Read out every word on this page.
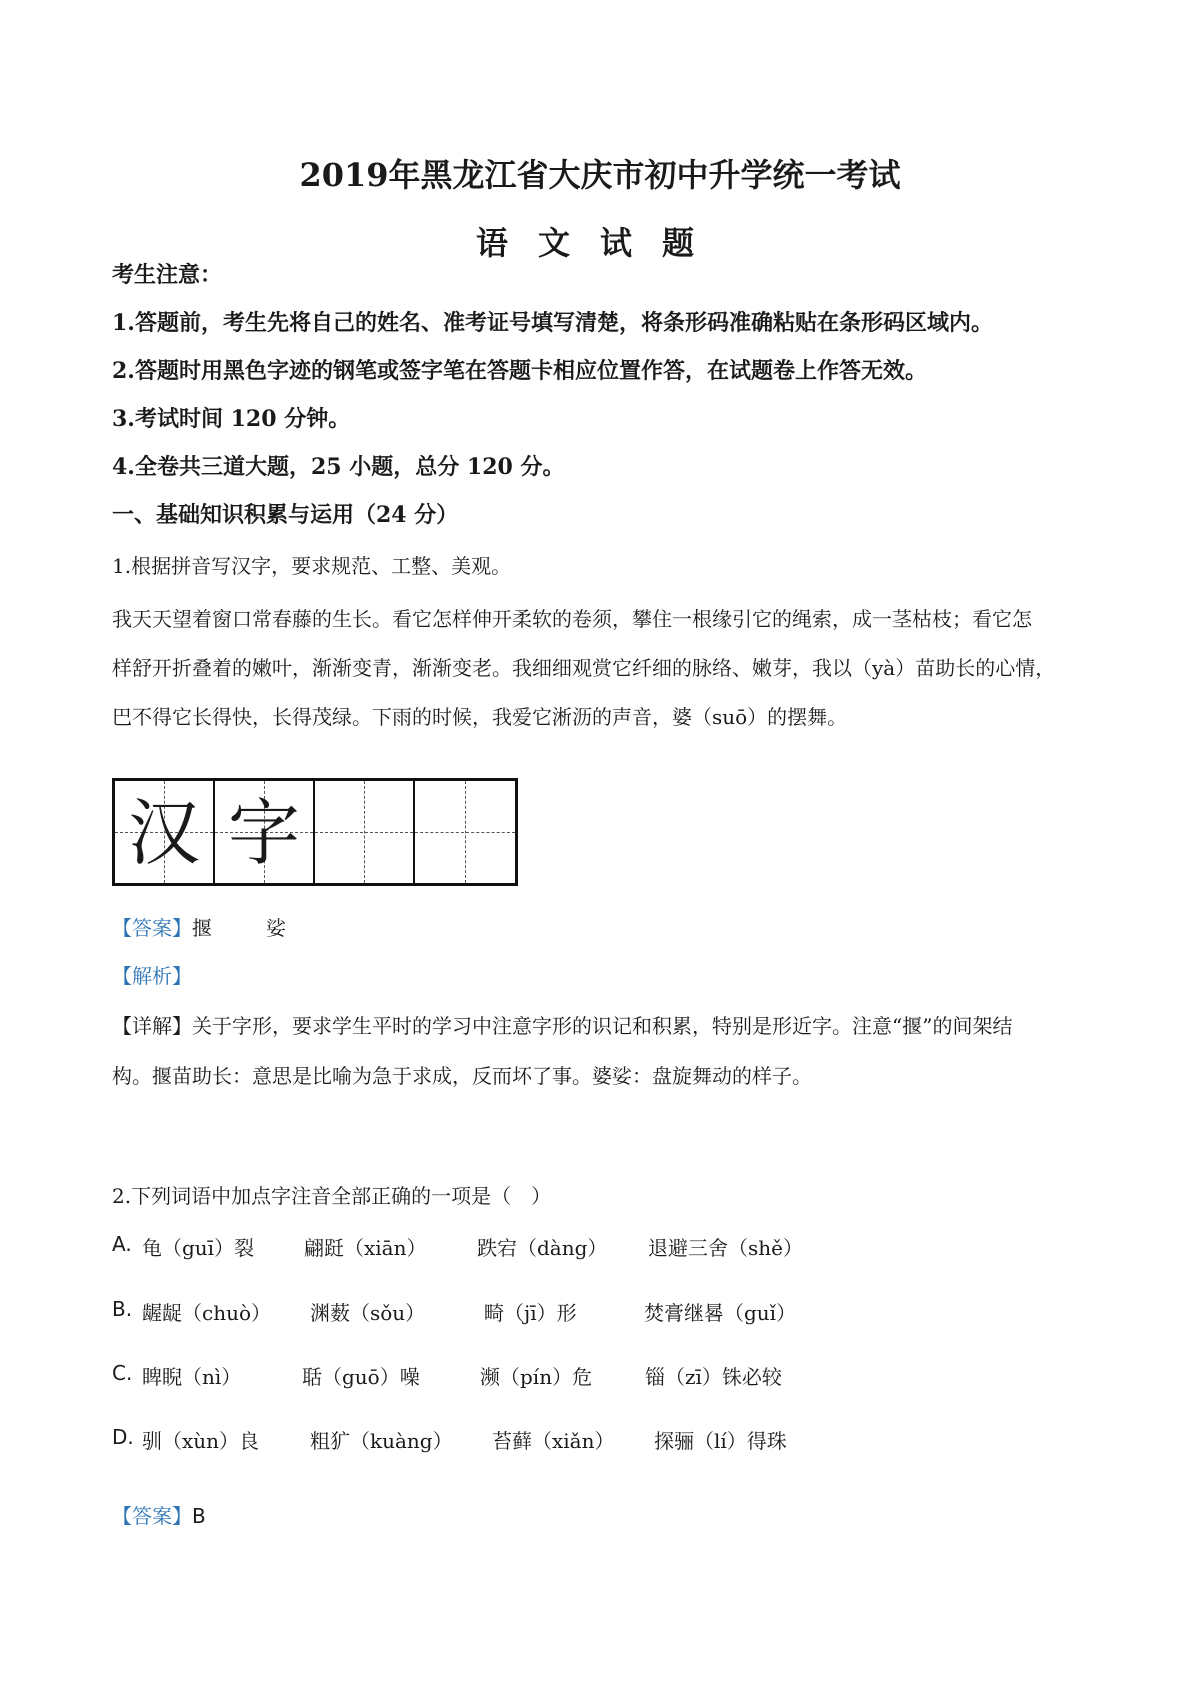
2019年黑龙江省大庆市初中升学统一考试
语文试题
考生注意：
1.答题前，考生先将自己的姓名、准考证号填写清楚，将条形码准确粘贴在条形码区域内。
2.答题时用黑色字迹的钢笔或签字笔在答题卡相应位置作答，在试题卷上作答无效。
3.考试时间 120 分钟。
4.全卷共三道大题，25 小题，总分 120 分。
一、基础知识积累与运用（24 分）
1.根据拼音写汉字，要求规范、工整、美观。
我天天望着窗口常春藤的生长。看它怎样伸开柔软的卷须，攀住一根缘引它的绳索，成一茎枯枝；看它怎
样舒开折叠着的嫩叶，渐渐变青，渐渐变老。我细细观赏它纤细的脉络、嫩芽，我以（yà）苗助长的心情，
巴不得它长得快，长得茂绿。下雨的时候，我爱它淅沥的声音，婆（suō）的摆舞。
汉 字
【答案】揠	娑
【解析】
【详解】关于字形，要求学生平时的学习中注意字形的识记和积累，特别是形近字。注意“揠”的间架结
构。揠苗助长：意思是比喻为急于求成，反而坏了事。婆娑：盘旋舞动的样子。
2.下列词语中加点字注音全部正确的一项是（　）
A. 龟（guī）裂 翩跹（xiān）	跌宕（dàng） 退避三舍（shě）
B. 龌龊（chuò） 渊薮（sǒu）	畸（jī）形	焚膏继晷（guǐ）
C. 睥睨（nì）	聒（guō）噪	濒（pín）危	锱（zī）铢必较
D. 驯（xùn）良	粗犷（kuàng） 苔藓（xiǎn） 探骊（lí）得珠
【答案】B
